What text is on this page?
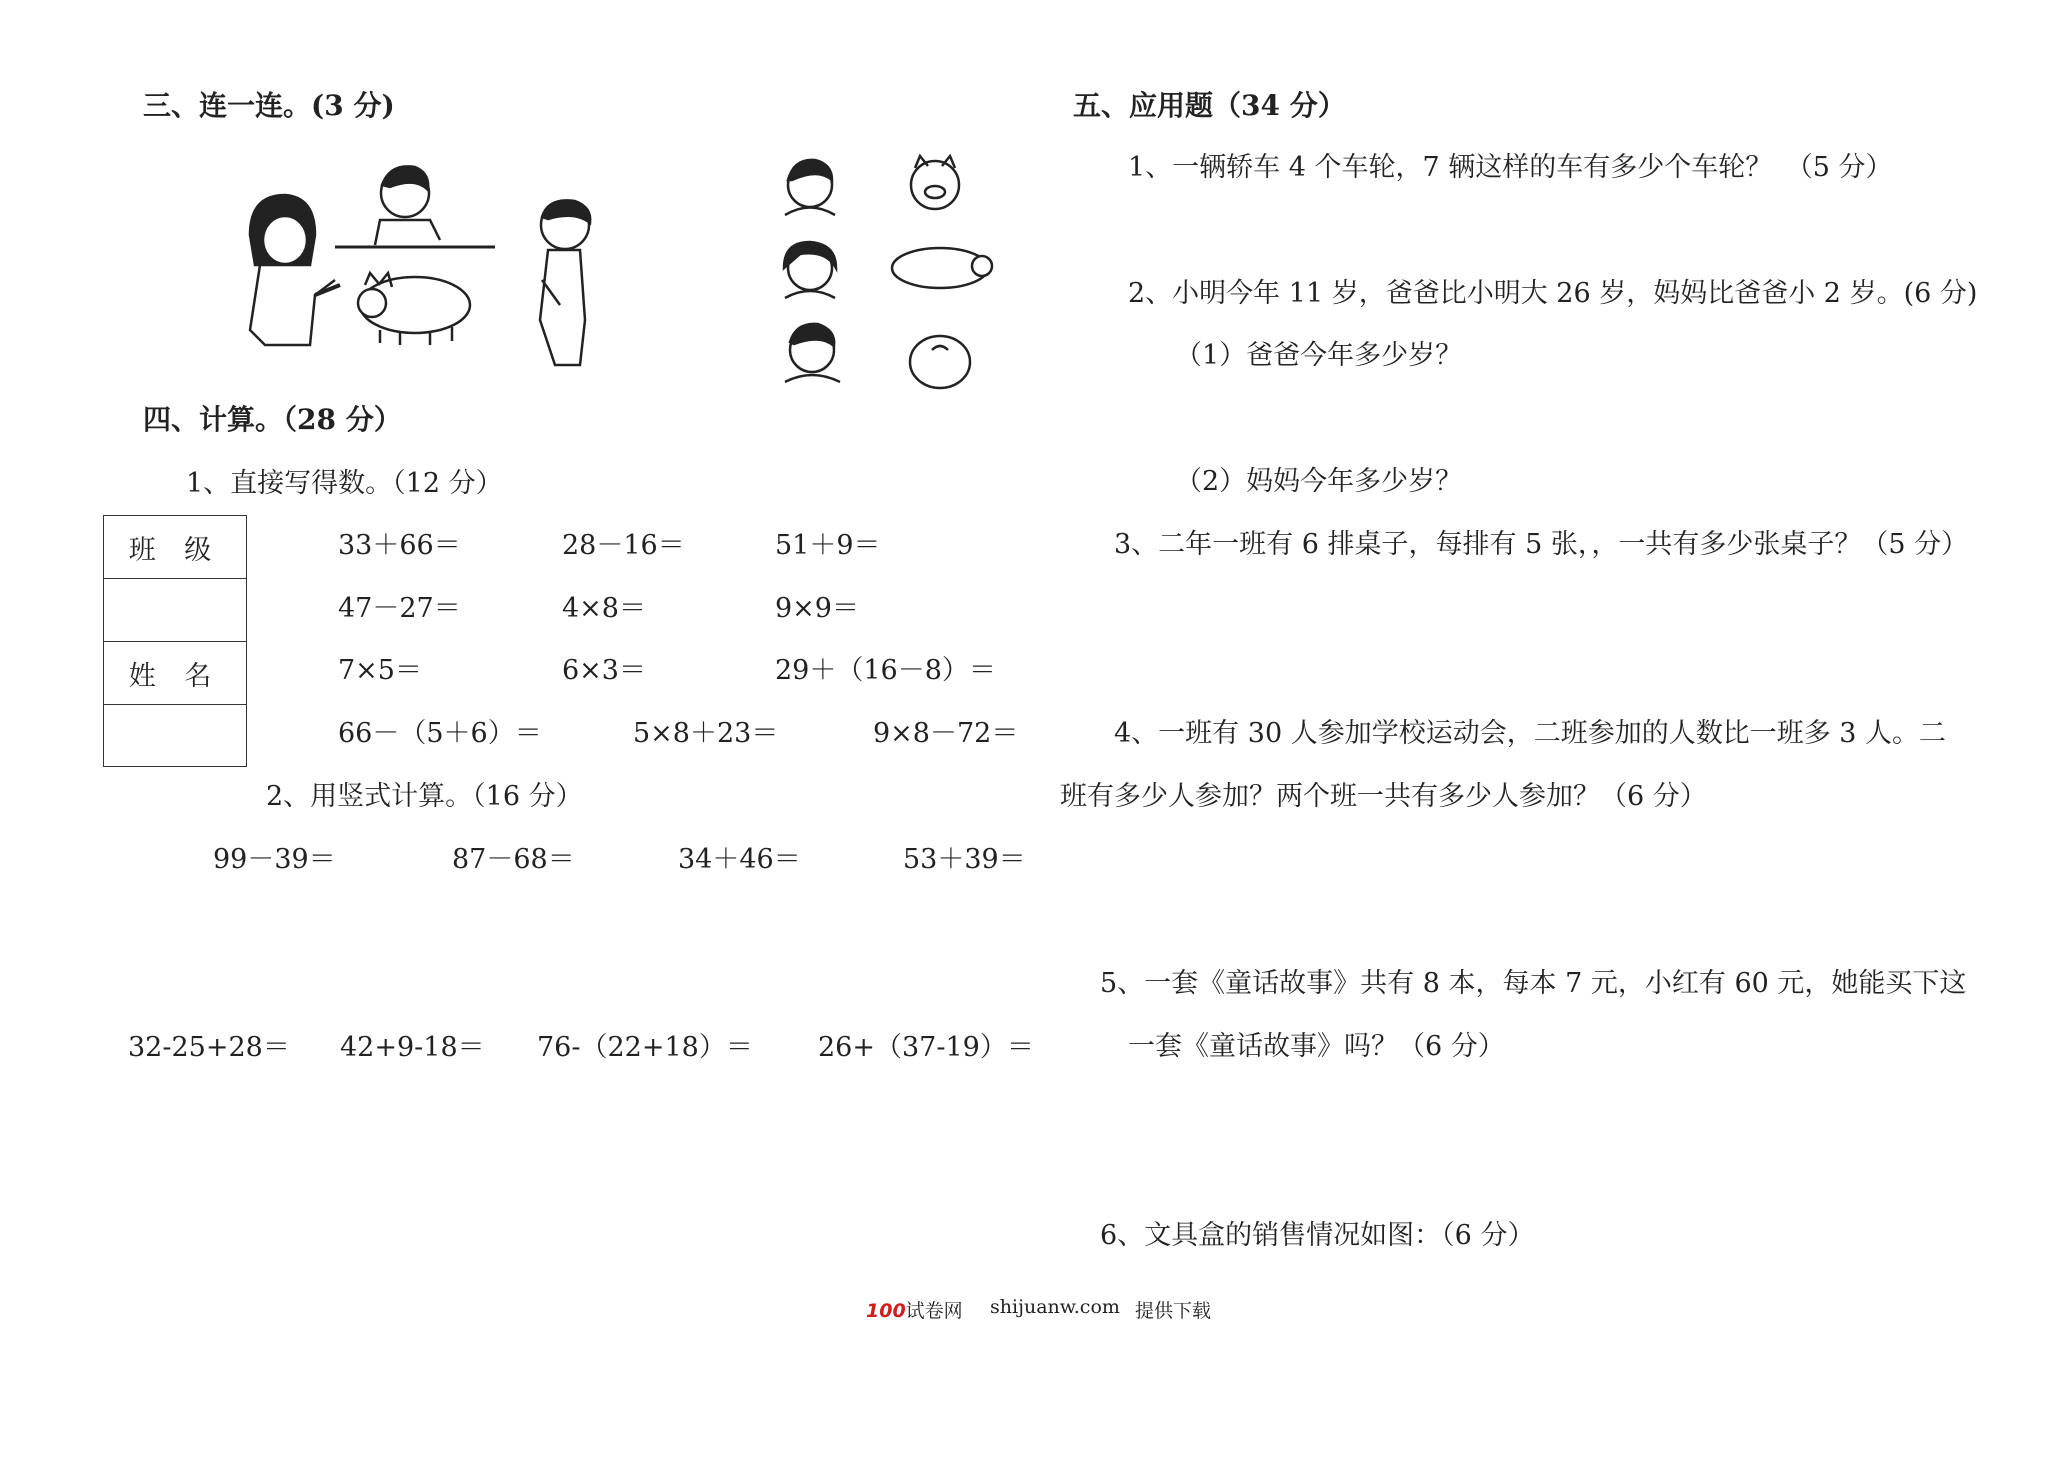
三、连一连。(3 分)
四、计算。（28 分）
1、直接写得数。（12 分）
班 级
姓 名
33＋66＝	28－16＝	51＋9＝
47－27＝	4×8＝	9×9＝
7×5＝	6×3＝	29＋（16－8）＝
66－（5＋6）＝	5×8＋23＝	9×8－72＝
2、用竖式计算。（16 分）
99－39＝	87－68＝	34＋46＝	53＋39＝
32-25+28＝ 42+9-18＝ 76-（22+18）＝ 26+（37-19）＝
五、应用题（34 分）
1、一辆轿车 4 个车轮，7 辆这样的车有多少个车轮？　（5 分）
2、小明今年 11 岁，爸爸比小明大 26 岁，妈妈比爸爸小 2 岁。(6 分)
（1）爸爸今年多少岁？
（2）妈妈今年多少岁？
3、二年一班有 6 排桌子，每排有 5 张，，一共有多少张桌子？（5 分）
4、一班有 30 人参加学校运动会，二班参加的人数比一班多 3 人。二
班有多少人参加？两个班一共有多少人参加？（6 分）
5、一套《童话故事》共有 8 本，每本 7 元，小红有 60 元，她能买下这
一套《童话故事》吗？（6 分）
6、文具盒的销售情况如图：（6 分）
100试卷网 shijuanw.com 提供下载
